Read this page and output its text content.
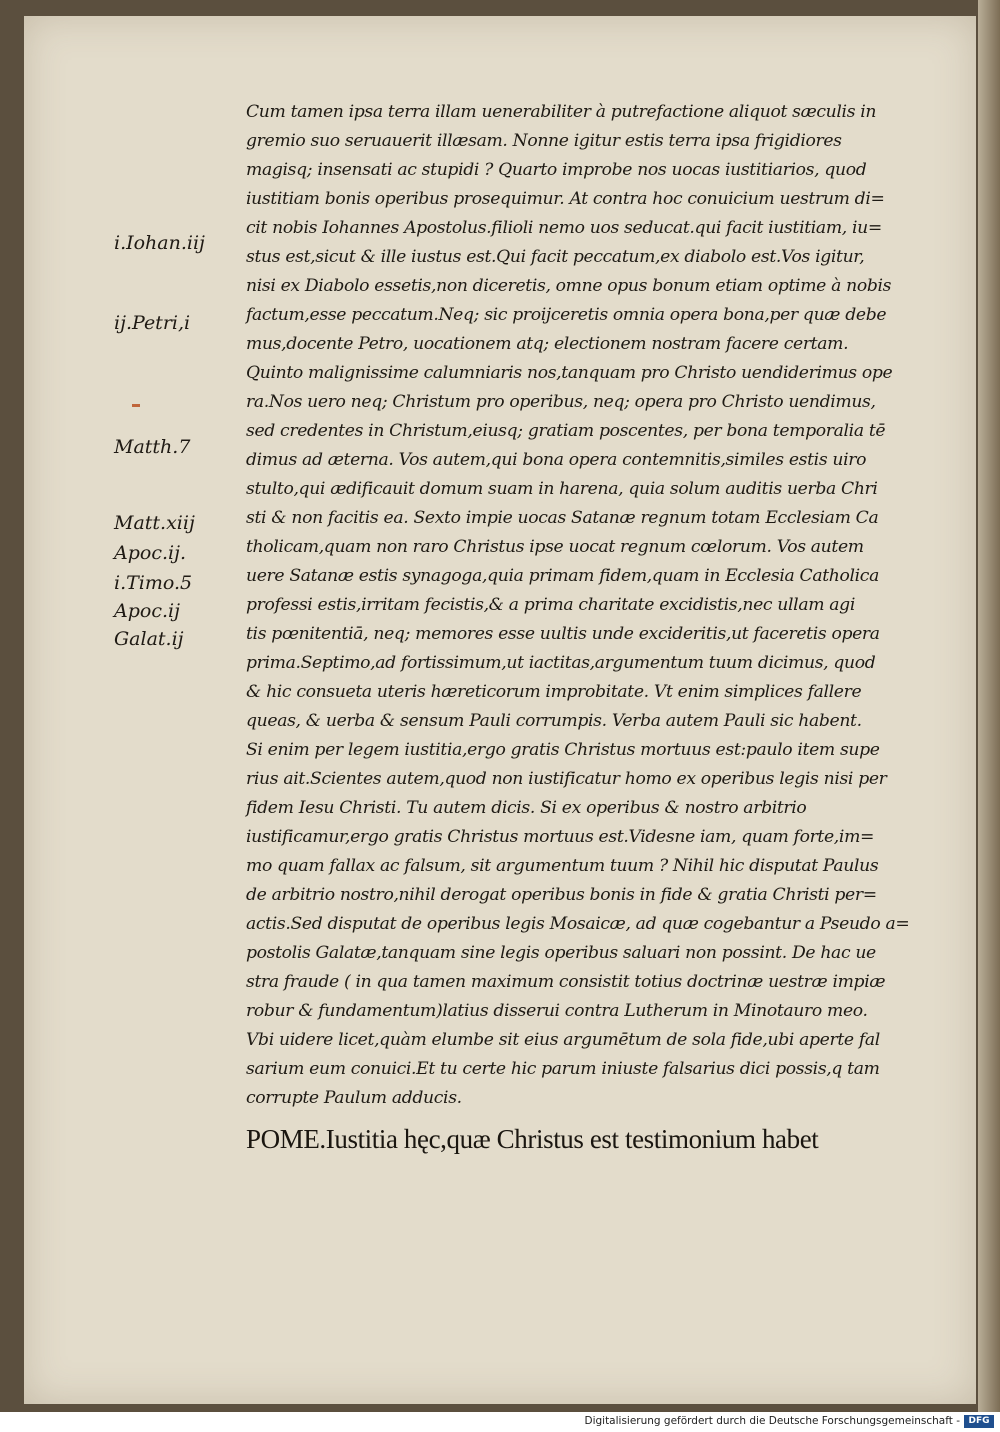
i.Iohan.iij
ij.Petri,i
Matth.7
Matt.xiij
Apoc.ij.
i.Timo.5
Apoc.ij
Galat.ij
Cum tamen ipsa terra illam uenerabiliter à putrefactione aliquot sæculis in
gremio suo seruauerit illæsam. Nonne igitur estis terra ipsa frigidiores
magisq; insensati ac stupidi ? Quarto improbe nos uocas iustitiarios, quod
iustitiam bonis operibus prosequimur. At contra hoc conuicium uestrum di=
cit nobis Iohannes Apostolus.filioli nemo uos seducat.qui facit iustitiam, iu=
stus est,sicut & ille iustus est.Qui facit peccatum,ex diabolo est.Vos igitur,
nisi ex Diabolo essetis,non diceretis, omne opus bonum etiam optime à nobis
factum,esse peccatum.Neq; sic proijceretis omnia opera bona,per quæ debe
mus,docente Petro, uocationem atq; electionem nostram facere certam.
Quinto malignissime calumniaris nos,tanquam pro Christo uendiderimus ope
ra.Nos uero neq; Christum pro operibus, neq; opera pro Christo uendimus,
sed credentes in Christum,eiusq; gratiam poscentes, per bona temporalia tē
dimus ad æterna. Vos autem,qui bona opera contemnitis,similes estis uiro
stulto,qui ædificauit domum suam in harena, quia solum auditis uerba Chri
sti & non facitis ea. Sexto impie uocas Satanæ regnum totam Ecclesiam Ca
tholicam,quam non raro Christus ipse uocat regnum cœlorum. Vos autem
uere Satanæ estis synagoga,quia primam fidem,quam in Ecclesia Catholica
professi estis,irritam fecistis,& a prima charitate excidistis,nec ullam agi
tis pœnitentiā, neq; memores esse uultis unde excideritis,ut faceretis opera
prima.Septimo,ad fortissimum,ut iactitas,argumentum tuum dicimus, quod
& hic consueta uteris hæreticorum improbitate. Vt enim simplices fallere
queas, & uerba & sensum Pauli corrumpis. Verba autem Pauli sic habent.
Si enim per legem iustitia,ergo gratis Christus mortuus est:paulo item supe
rius ait.Scientes autem,quod non iustificatur homo ex operibus legis nisi per
fidem Iesu Christi. Tu autem dicis. Si ex operibus & nostro arbitrio
iustificamur,ergo gratis Christus mortuus est.Videsne iam, quam forte,im=
mo quam fallax ac falsum, sit argumentum tuum ? Nihil hic disputat Paulus
de arbitrio nostro,nihil derogat operibus bonis in fide & gratia Christi per=
actis.Sed disputat de operibus legis Mosaicæ, ad quæ cogebantur a Pseudo a=
postolis Galatæ,tanquam sine legis operibus saluari non possint. De hac ue
stra fraude ( in qua tamen maximum consistit totius doctrinæ uestræ impiæ
robur & fundamentum)latius disserui contra Lutherum in Minotauro meo.
Vbi uidere licet,quàm elumbe sit eius argumētum de sola fide,ubi aperte fal
sarium eum conuici.Et tu certe hic parum iniuste falsarius dici possis,q tam
corrupte Paulum adducis.
POME.Iustitia hęc,quæ Christus est testimonium habet
Digitalisierung gefördert durch die Deutsche Forschungsgemeinschaft - DFG
